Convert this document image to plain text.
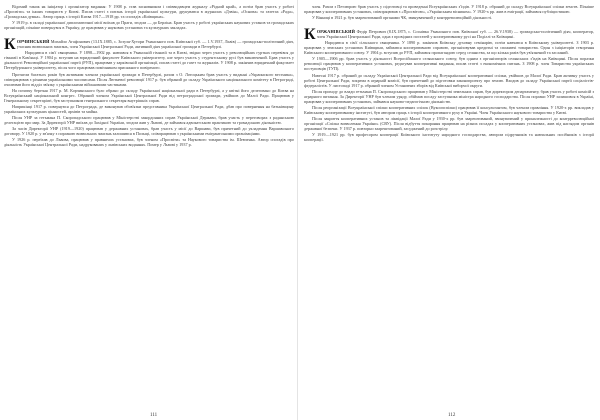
Відомий також як ініціатор і організатор видання: У 1908 р. став засновником і співвидавцем журналу «Рідний край», а потім брав участь у роботі «Просвіти» та інших товариств у Києві. Писав статті з питань історії української культури, друкувався в журналах «Дзвін», «Основа» та газетах «Рада», «Громадська думка». Автор праць з історії Києва 1917—1918 рр. та спогадів «Київщина».

У 1919 р. в складі української дипломатичної місії виїхав до Праги, згодом — до Берліна. Брав участь у роботі українських наукових установ та громадських організацій, пізніше повернувся в Україну, де працював у наукових установах та культурних закладах.

КОРЧИНСЬКИЙ Михайло Агафонович (13.IX.1885, с. Зозуля-Хутори Уманського пов. Київської губ. — 1.V.1937, Львів) — громадсько-політичний діяч, учасник визвольних змагань, член Української Центральної Ради, активний діяч української громади в Петербурзі.

Народився в сім'ї священика. У 1898—1902 рр. навчався в Уманській гімназії та в Києві, звідки через участь у революційних гуртках перевівся до гімназії в Кам'янці. У 1904 р. вступив на юридичний факультет Київського університету, але через участь у студентському русі був виключений. Брав участь у діяльності Революційної української партії (РУП), працював у харківській організації, писав статті до газет та журналів. У 1908 р. закінчив юридичний факультет Петербурзького університету, після чого працював помічником присяжного повіреного.

Протягом багатьох років був активним членом української громади в Петербурзі, разом з О. Лотоцьким брав участь у виданні «Украинского вестника», співпрацював з різними українськими часописами. Після Лютневої революції 1917 р. був обраний до складу Українського національного комітету в Петрограді, очолював його відділ зв'язку з українськими військовими частинами.

На початку березня 1917 р. М. Корчинського було обрано до складу Української національної ради в Петербурзі, а у квітні його делеговано до Києва на Всеукраїнський національний конгрес. Обраний членом Української Центральної Ради від петроградської громади, увійшов до Малої Ради. Працював у Генеральному секретаріаті, був заступником генерального секретаря внутрішніх справ.

Наприкінці 1917 р. повернувся до Петрограда, де виконував обов'язки представника Української Центральної Ради, дбав про повернення на батьківщину українських культурних цінностей, архівів та майна.

Після УНР за гетьмана П. Скоропадського працював у Міністерстві закордонних справ Української Держави, брав участь у переговорах з радянською делегацією про мир. За Директорії УНР виїхав до Західної України, згодом жив у Львові, де займався адвокатською практикою та громадською діяльністю.

За часів Директорії УНР (1919—1920) працював у державних установах, брав участь у місії до Варшави, був причетний до укладення Варшавського договору. У 1920 р. у зв'язку з поразкою визвольних змагань залишився в Польщі, співпрацював з українськими емігрантськими організаціями.

У 1926 р. переїхав до Львова, працював у правничих установах, був членом «Просвіти» та Наукового товариства ім. Шевченка. Автор спогадів про діяльність Української Центральної Ради, надрукованих у львівських виданнях. Помер у Львові у 1937 р.

член. Разом з Петлюрою брав участь у підготовці та проведенні Всеукраїнських з'їздів. У 1918 р. обраний до складу Всеукраїнської спілки земств. Пізніше працював у кооперативних установах, співпрацював з «Просвітою», «Українським вісником». У 1920-х рр. жив в еміграції, займався публіцистикою.

У Вінниці в 1921 р. був заарештований органами ЧК, звинувачений у контрреволюційній діяльності.

КОРЖАНІВСЬКИЙ Федір Петрович (8.IX.1875, с. Соснівка Уманського пов. Київської губ. — 26.V.1938) — громадсько-політичний діяч, кооператор, член Української Центральної Ради, одна з провідних постатей у кооперативному русі на Поділлі та Київщині.

Народився в сім'ї сільського священика. У 1890 р. закінчив Київську духовну семінарію, потім навчався в Київському університеті. З 1903 р. працював у земських установах Київщини, займався кооперативною справою, організовував кредитні та споживчі товариства. Один з ініціаторів створення Київського кооперативного союзу. У 1904 р. вступив до РУП, займався пропагандою серед селянства, за що кілька разів був ув'язнений та засланий.

У 1905—1906 рр. брав участь у діяльності Всеросійського селянського союзу, був одним з організаторів селянських з'їздів на Київщині. Після поразки революції працював у кооперативних установах, редагував кооперативні видання, писав статті з економічних питань. З 1908 р. член Товариства українських поступовців (ТУП).

Навесні 1917 р. обраний до складу Української Центральної Ради від Всеукраїнської кооперативної спілки, увійшов до Малої Ради. Брав активну участь у роботі Центральної Ради, зокрема в аграрній комісії, був причетний до підготовки законопроекту про землю. Входив до складу Української партії соціалістів-федералістів. У листопаді 1917 р. обраний членом Установчих зборів від Київської виборчої округи.

Після приходу до влади гетьмана П. Скоропадського працював у Міністерстві земельних справ, був директором департаменту, брав участь у роботі комісій з аграрного питання. За Директорії УНР був членом уряду, обіймав посаду заступника міністра народного господарства. Після поразки УНР залишився в Україні, працював у кооперативних установах, займався науково-педагогічною діяльністю.

Після реорганізації Всеукраїнської спілки кооперативних спілок (Вукоопспілки) працював її консультантом, був членом правління. У 1920-х рр. викладав у Київському кооперативному інституті, був автором праць з історії кооперативного руху в Україні. Член Українського наукового товариства у Києві.

Після закриття кооперативних установ та ліквідації Малої Ради у 1930-х рр. був заарештований, звинувачений у приналежності до контрреволюційної організації «Спілка визволення України» (СВУ). Після відбуття покарання працював на різних посадах у кооперативних установах, жив під наглядом органів державної безпеки. У 1937 р. повторно заарештований, засуджений до розстрілу.

У 1919—1921 рр. був професором кооперації Київського інституту народного господарства, автором підручників та навчальних посібників з історії кооперації.

111	112
